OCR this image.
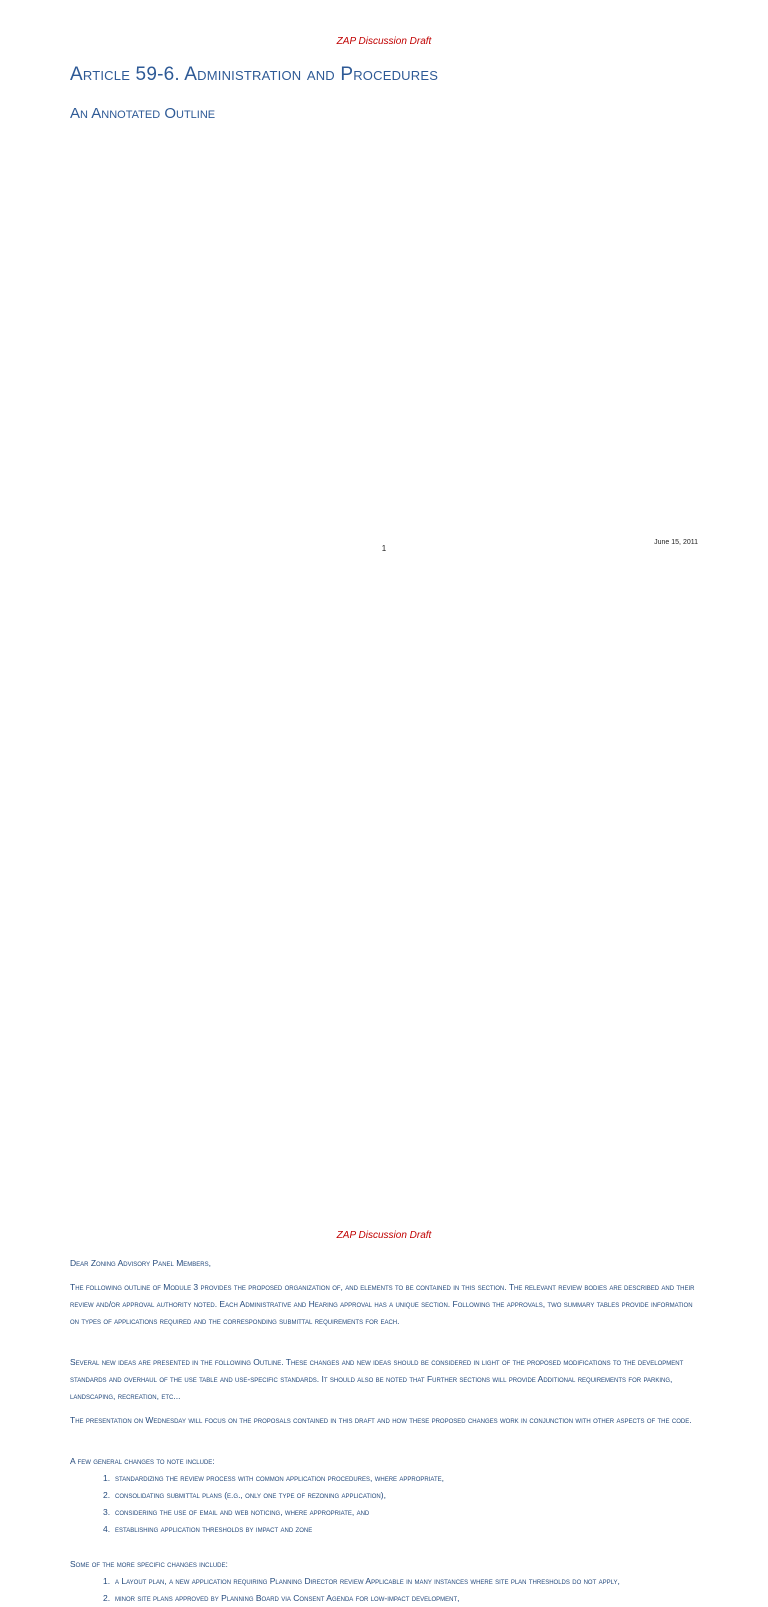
ZAP Discussion Draft
Article 59-6. Administration and Procedures
An Annotated Outline
1
June 15, 2011
ZAP Discussion Draft

Dear Zoning Advisory Panel Members,

The following outline of Module 3 provides the proposed organization of, and elements to be contained in this section. The relevant review bodies are described and their review and/or approval authority noted. Each Administrative and Hearing approval has a unique section. Following the approvals, two summary tables provide information on types of applications required and the corresponding submittal requirements for each.

Several new ideas are presented in the following Outline. These changes and new ideas should be considered in light of the proposed modifications to the development standards and overhaul of the use table and use-specific standards. It should also be noted that Further sections will provide Additional requirements for parking, landscaping, recreation, etc...

The presentation on Wednesday will focus on the proposals contained in this draft and how these proposed changes work in conjunction with other aspects of the code.

A few general changes to note include:

1. standardizing the review process with common application procedures, where appropriate,
2. consolidating submittal plans (e.g., only one type of rezoning application),
3. considering the use of email and web noticing, where appropriate, and
4. establishing application thresholds by impact and zone

Some of the more specific changes include:

1. a Layout plan, a new application requiring Planning Director review Applicable in many instances where site plan thresholds do not apply,
2. minor site plans approved by Planning Board via Consent Agenda for low-impact development,
